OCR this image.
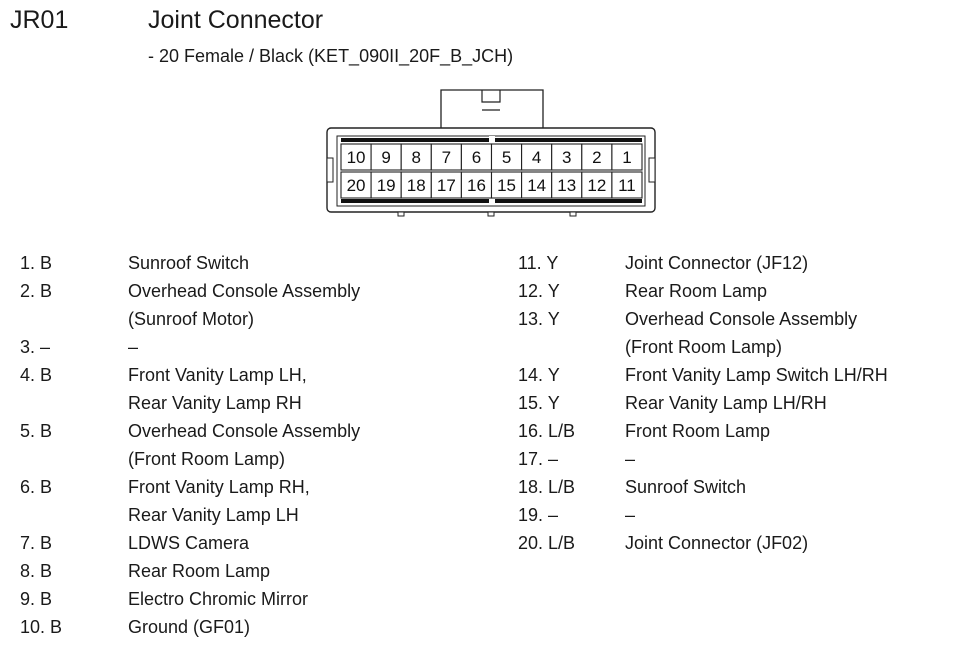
JR01	Joint Connector
- 20 Female / Black (KET_090II_20F_B_JCH)
10 9 8 7 6 5 4 3 2 1
20 19 18 17 16 15 14 13 12 11
1. B	Sunroof Switch
2. B	Overhead Console Assembly
(Sunroof Motor)
3. –	–
4. B	Front Vanity Lamp LH,
Rear Vanity Lamp RH
5. B	Overhead Console Assembly
(Front Room Lamp)
6. B	Front Vanity Lamp RH,
Rear Vanity Lamp LH
7. B	LDWS Camera
8. B	Rear Room Lamp
9. B	Electro Chromic Mirror
10. B	Ground (GF01)
11. Y	Joint Connector (JF12)
12. Y	Rear Room Lamp
13. Y	Overhead Console Assembly
(Front Room Lamp)
14. Y	Front Vanity Lamp Switch LH/RH
15. Y	Rear Vanity Lamp LH/RH
16. L/B	Front Room Lamp
17. –	–
18. L/B	Sunroof Switch
19. –	–
20. L/B	Joint Connector (JF02)
